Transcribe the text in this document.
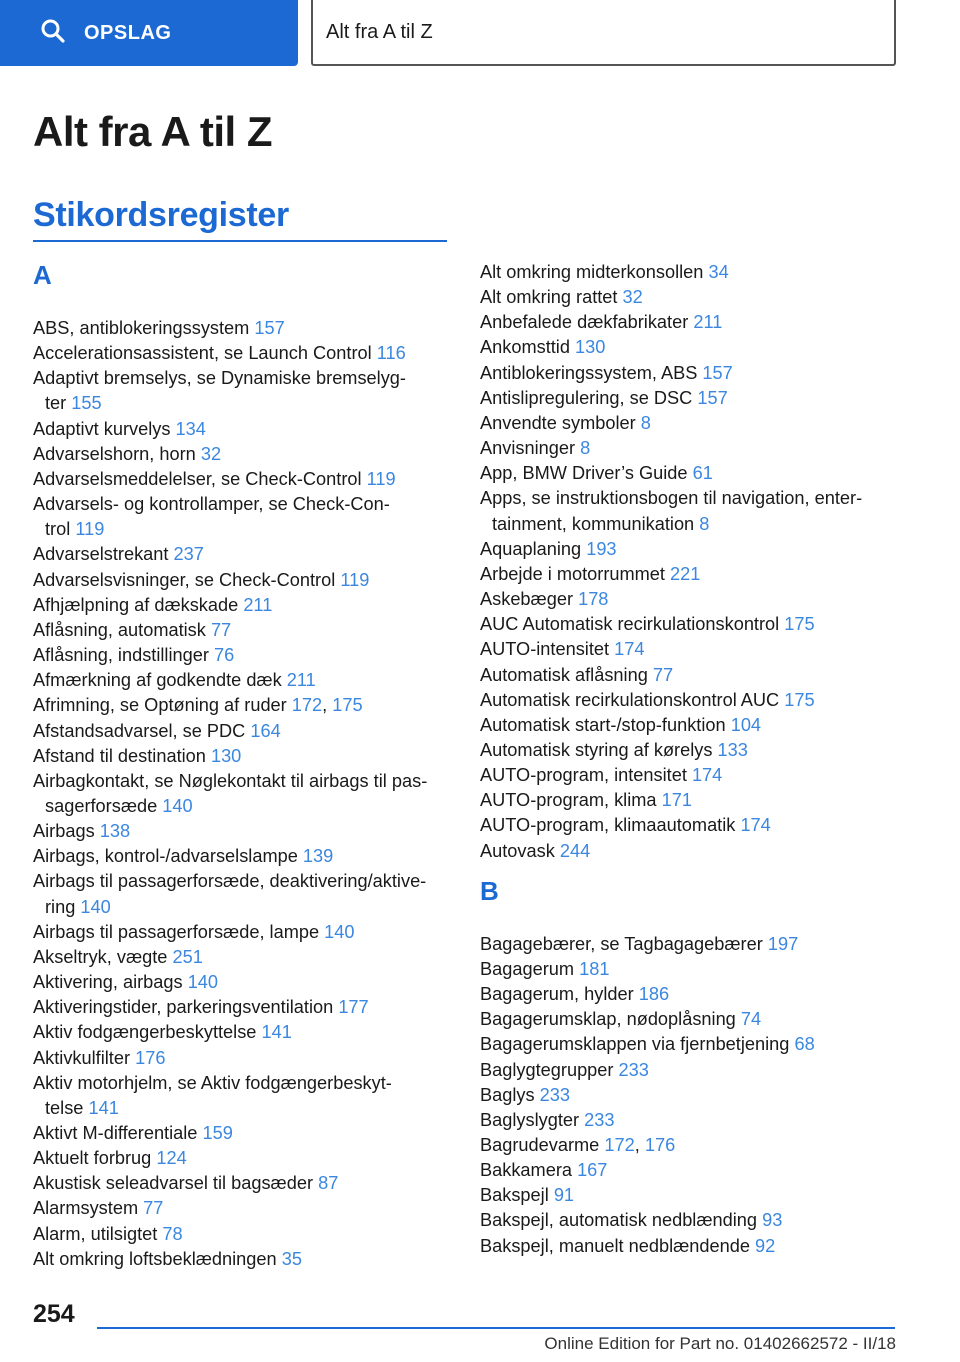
OPSLAG	Alt fra A til Z
Alt fra A til Z
Stikordsregister
A
ABS, antiblokeringssystem 157
Accelerationsassistent, se Launch Control 116
Adaptivt bremselys, se Dynamiske bremselyg-
ter 155
Adaptivt kurvelys 134
Advarselshorn, horn 32
Advarselsmeddelelser, se Check-Control 119
Advarsels- og kontrollamper, se Check-Con-
trol 119
Advarselstrekant 237
Advarselsvisninger, se Check-Control 119
Afhjælpning af dækskade 211
Aflåsning, automatisk 77
Aflåsning, indstillinger 76
Afmærkning af godkendte dæk 211
Afrimning, se Optøning af ruder 172, 175
Afstandsadvarsel, se PDC 164
Afstand til destination 130
Airbagkontakt, se Nøglekontakt til airbags til pas-
sagerforsæde 140
Airbags 138
Airbags, kontrol-/advarselslampe 139
Airbags til passagerforsæde, deaktivering/aktive-
ring 140
Airbags til passagerforsæde, lampe 140
Akseltryk, vægte 251
Aktivering, airbags 140
Aktiveringstider, parkeringsventilation 177
Aktiv fodgængerbeskyttelse 141
Aktivkulfilter 176
Aktiv motorhjelm, se Aktiv fodgængerbeskyt-
telse 141
Aktivt M-differentiale 159
Aktuelt forbrug 124
Akustisk seleadvarsel til bagsæder 87
Alarmsystem 77
Alarm, utilsigtet 78
Alt omkring loftsbeklædningen 35
Alt omkring midterkonsollen 34
Alt omkring rattet 32
Anbefalede dækfabrikater 211
Ankomsttid 130
Antiblokeringssystem, ABS 157
Antislipregulering, se DSC 157
Anvendte symboler 8
Anvisninger 8
App, BMW Driver’s Guide 61
Apps, se instruktionsbogen til navigation, enter-
tainment, kommunikation 8
Aquaplaning 193
Arbejde i motorrummet 221
Askebæger 178
AUC Automatisk recirkulationskontrol 175
AUTO-intensitet 174
Automatisk aflåsning 77
Automatisk recirkulationskontrol AUC 175
Automatisk start-/stop-funktion 104
Automatisk styring af kørelys 133
AUTO-program, intensitet 174
AUTO-program, klima 171
AUTO-program, klimaautomatik 174
Autovask 244
B
Bagagebærer, se Tagbagagebærer 197
Bagagerum 181
Bagagerum, hylder 186
Bagagerumsklap, nødoplåsning 74
Bagagerumsklappen via fjernbetjening 68
Baglygtegrupper 233
Baglys 233
Baglyslygter 233
Bagrudevarme 172, 176
Bakkamera 167
Bakspejl 91
Bakspejl, automatisk nedblænding 93
Bakspejl, manuelt nedblændende 92
254
Online Edition for Part no. 01402662572 - II/18
